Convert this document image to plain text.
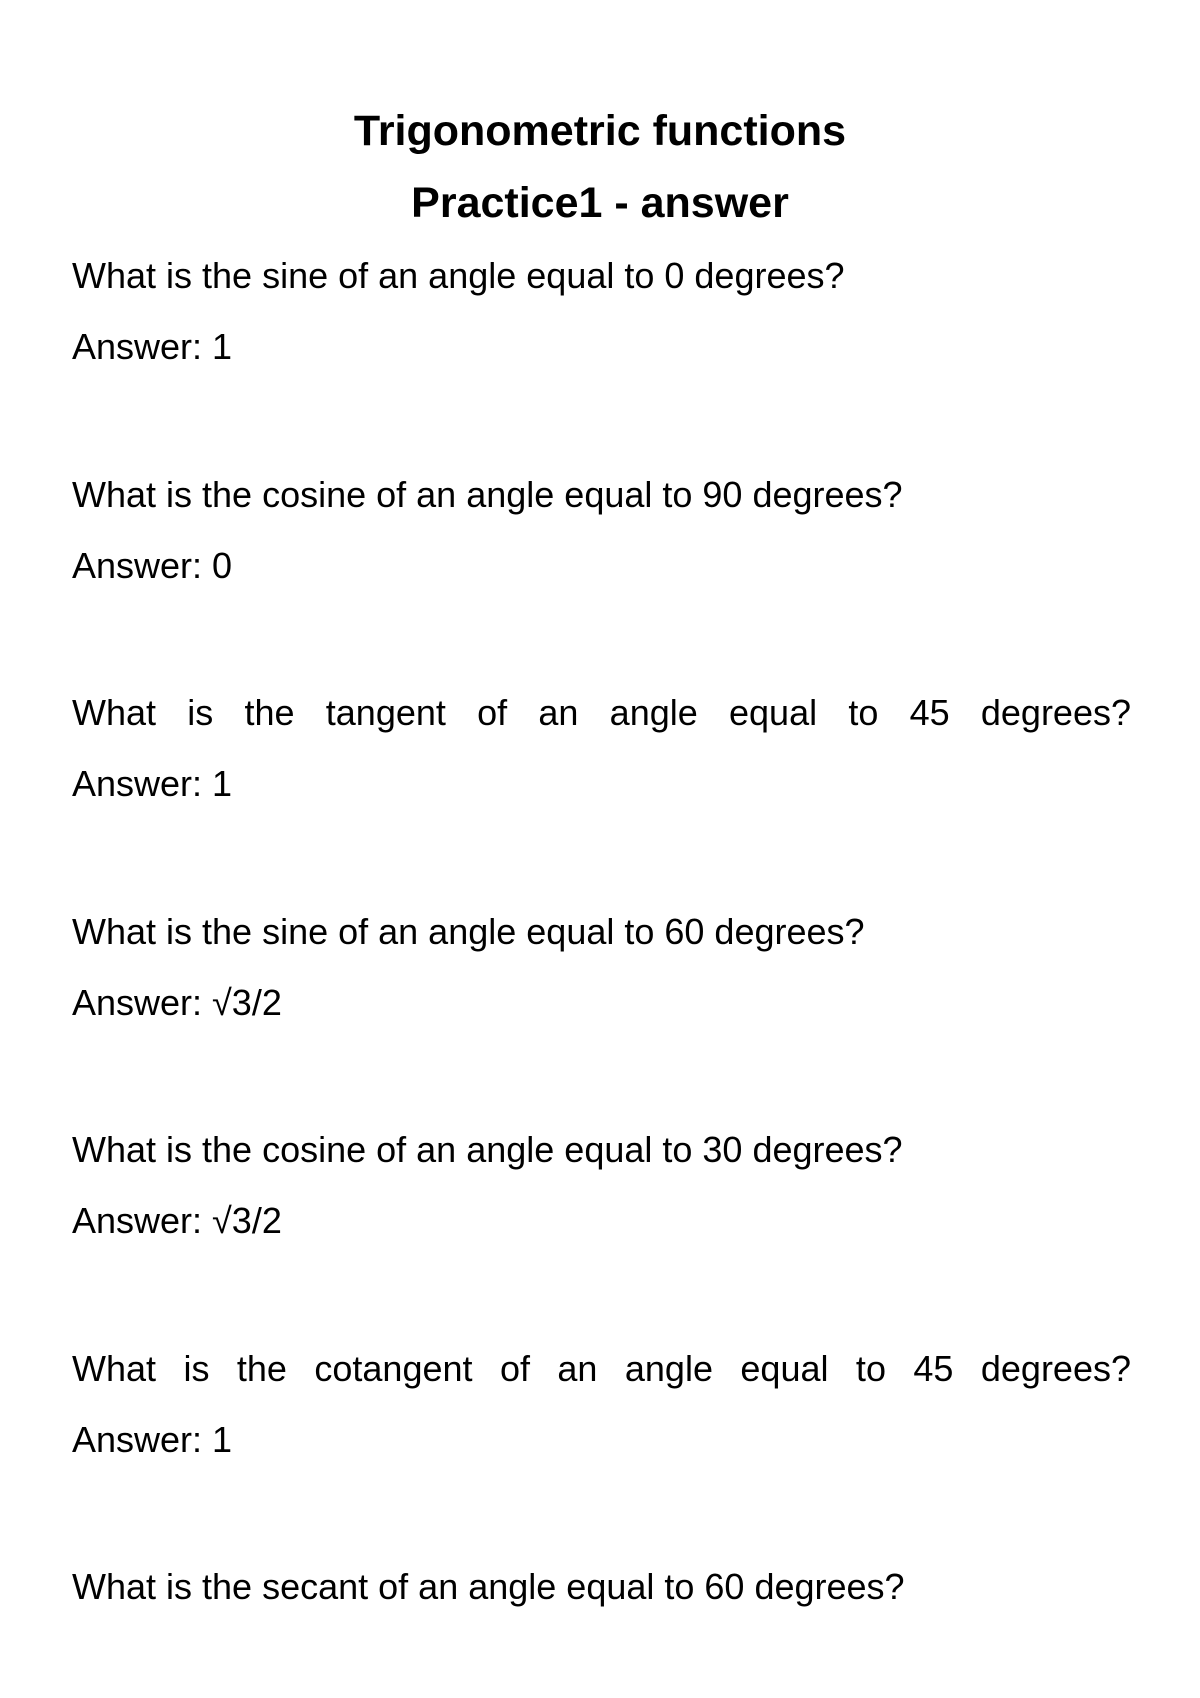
Trigonometric functions
Practice1 - answer
What is the sine of an angle equal to 0 degrees?
Answer: 1
What is the cosine of an angle equal to 90 degrees?
Answer: 0
What is the tangent of an angle equal to 45 degrees?
Answer: 1
What is the sine of an angle equal to 60 degrees?
Answer: √3/2
What is the cosine of an angle equal to 30 degrees?
Answer: √3/2
What is the cotangent of an angle equal to 45 degrees?
Answer: 1
What is the secant of an angle equal to 60 degrees?
